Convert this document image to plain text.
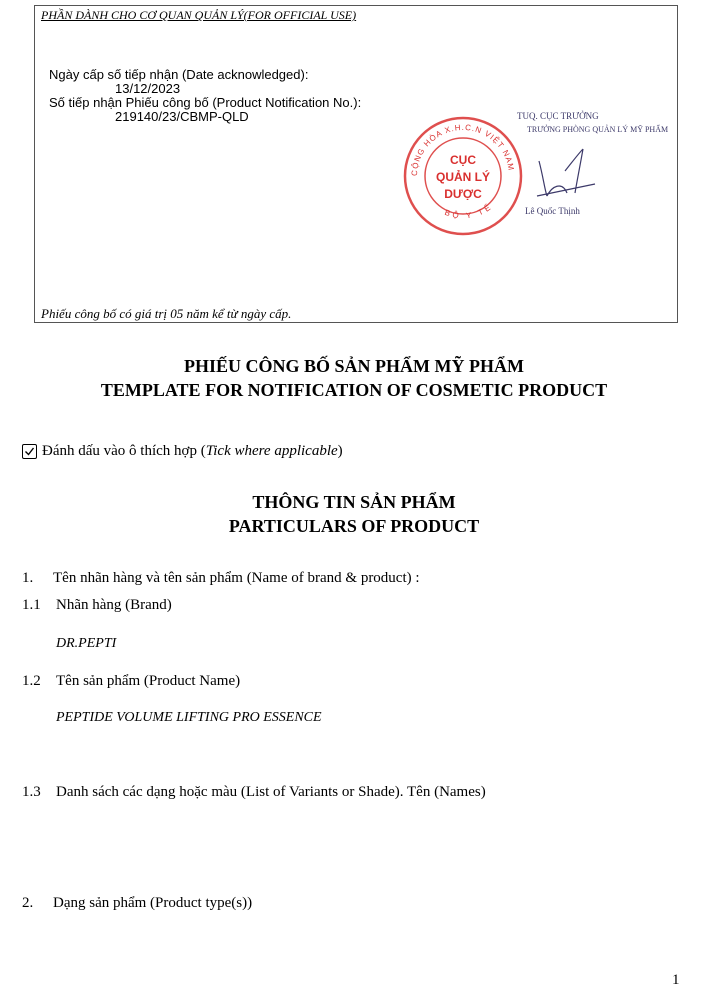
PHẦN DÀNH CHO CƠ QUAN QUẢN LÝ(FOR OFFICIAL USE)
Ngày cấp số tiếp nhận (Date acknowledged):
13/12/2023
Số tiếp nhận Phiếu công bố (Product Notification No.):
219140/23/CBMP-QLD
CỘNG HÒA X.H.C.N VIỆT NAM
BỘ Y TẾ
CỤC
QUẢN LÝ
DƯỢC
TUQ. CỤC TRƯỞNG
TRƯỞNG PHÒNG QUẢN LÝ MỸ PHẨM
Lê Quốc Thịnh
Phiếu công bố có giá trị 05 năm kể từ ngày cấp.
PHIẾU CÔNG BỐ SẢN PHẨM MỸ PHẨM
TEMPLATE FOR NOTIFICATION OF COSMETIC PRODUCT
Đánh dấu vào ô thích hợp ( Tick where applicable )
THÔNG TIN SẢN PHẨM
PARTICULARS OF PRODUCT
1. Tên nhãn hàng và tên sản phẩm (Name of brand & product) :
1.1 Nhãn hàng (Brand)
DR.PEPTI
1.2 Tên sản phẩm (Product Name)
PEPTIDE VOLUME LIFTING PRO ESSENCE
1.3 Danh sách các dạng hoặc màu (List of Variants or Shade). Tên (Names)
2. Dạng sản phẩm (Product type(s))
1
